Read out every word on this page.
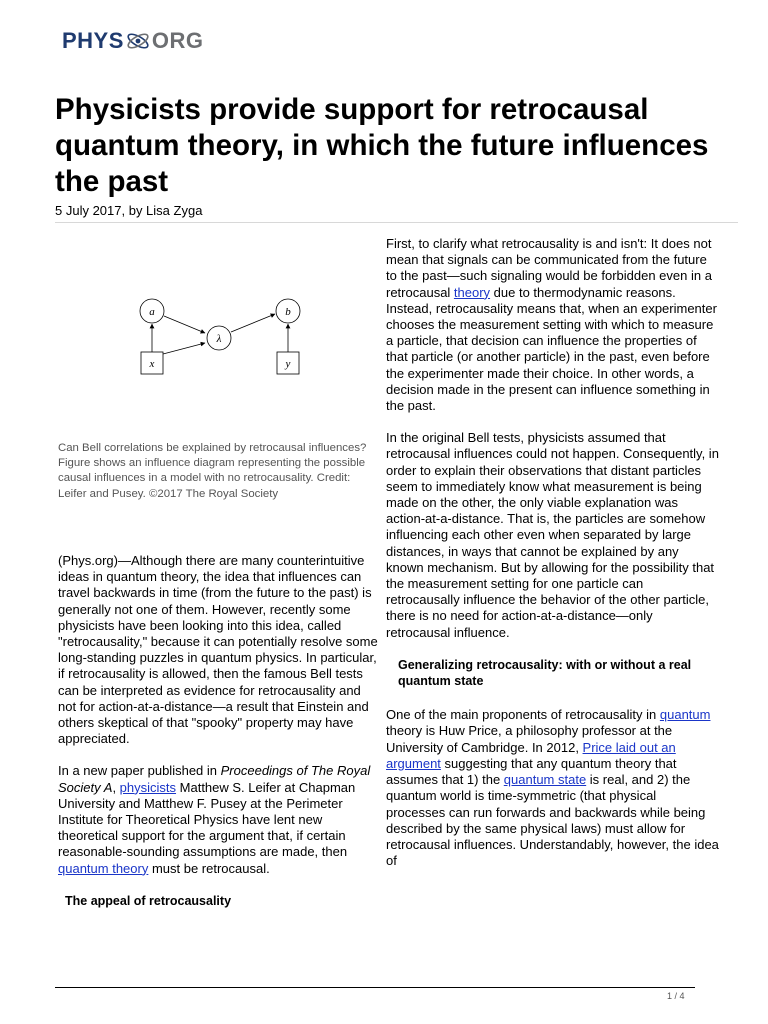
PHYS ORG
Physicists provide support for retrocausal quantum theory, in which the future influences the past
5 July 2017, by Lisa Zyga
a
λ
b
x	y
Can Bell correlations be explained by retrocausal influences? Figure shows an influence diagram representing the possible causal influences in a model with no retrocausality. Credit: Leifer and Pusey. ©2017 The Royal Society

(Phys.org)—Although there are many counterintuitive ideas in quantum theory, the idea that influences can travel backwards in time (from the future to the past) is generally not one of them. However, recently some physicists have been looking into this idea, called "retrocausality," because it can potentially resolve some long-standing puzzles in quantum physics. In particular, if retrocausality is allowed, then the famous Bell tests can be interpreted as evidence for retrocausality and not for action-at-a-distance—a result that Einstein and others skeptical of that "spooky" property may have appreciated.

In a new paper published in Proceedings of The Royal Society A, physicists Matthew S. Leifer at Chapman University and Matthew F. Pusey at the Perimeter Institute for Theoretical Physics have lent new theoretical support for the argument that, if certain reasonable-sounding assumptions are made, then quantum theory must be retrocausal.

The appeal of retrocausality

First, to clarify what retrocausality is and isn't: It does not mean that signals can be communicated from the future to the past—such signaling would be forbidden even in a retrocausal theory due to thermodynamic reasons. Instead, retrocausality means that, when an experimenter chooses the measurement setting with which to measure a particle, that decision can influence the properties of that particle (or another particle) in the past, even before the experimenter made their choice. In other words, a decision made in the present can influence something in the past.

In the original Bell tests, physicists assumed that retrocausal influences could not happen. Consequently, in order to explain their observations that distant particles seem to immediately know what measurement is being made on the other, the only viable explanation was action-at-a-distance. That is, the particles are somehow influencing each other even when separated by large distances, in ways that cannot be explained by any known mechanism. But by allowing for the possibility that the measurement setting for one particle can retrocausally influence the behavior of the other particle, there is no need for action-at-a-distance—only retrocausal influence.

Generalizing retrocausality: with or without a real quantum state

One of the main proponents of retrocausality in quantum theory is Huw Price, a philosophy professor at the University of Cambridge. In 2012, Price laid out an argument suggesting that any quantum theory that assumes that 1) the quantum state is real, and 2) the quantum world is time-symmetric (that physical processes can run forwards and backwards while being described by the same physical laws) must allow for retrocausal influences. Understandably, however, the idea of

1 / 4
